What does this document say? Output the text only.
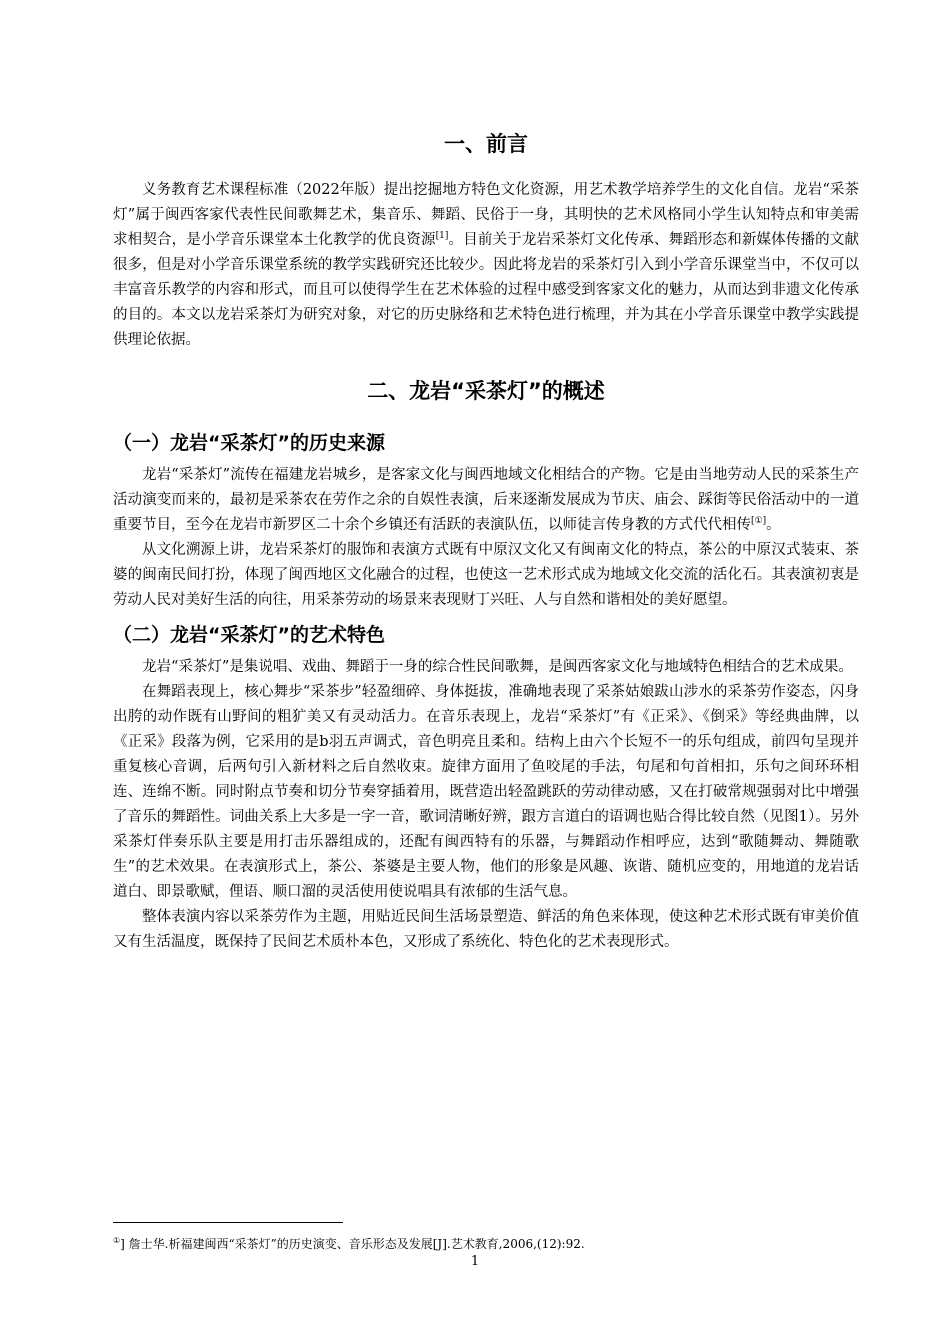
一、前言

义务教育艺术课程标准（2022年版）提出挖掘地方特色文化资源，用艺术教学培养学生的文化自信。龙岩“采茶灯”属于闽西客家代表性民间歌舞艺术，集音乐、舞蹈、民俗于一身，其明快的艺术风格同小学生认知特点和审美需求相契合，是小学音乐课堂本土化教学的优良资源[1]。目前关于龙岩采茶灯文化传承、舞蹈形态和新媒体传播的文献很多，但是对小学音乐课堂系统的教学实践研究还比较少。因此将龙岩的采茶灯引入到小学音乐课堂当中，不仅可以丰富音乐教学的内容和形式，而且可以使得学生在艺术体验的过程中感受到客家文化的魅力，从而达到非遗文化传承的目的。本文以龙岩采茶灯为研究对象，对它的历史脉络和艺术特色进行梳理，并为其在小学音乐课堂中教学实践提供理论依据。

二、龙岩“采茶灯”的概述
（一）龙岩“采茶灯”的历史来源

龙岩“采茶灯”流传在福建龙岩城乡，是客家文化与闽西地域文化相结合的产物。它是由当地劳动人民的采茶生产活动演变而来的，最初是采茶农在劳作之余的自娱性表演，后来逐渐发展成为节庆、庙会、踩街等民俗活动中的一道重要节目，至今在龙岩市新罗区二十余个乡镇还有活跃的表演队伍，以师徒言传身教的方式代代相传[①]。

从文化溯源上讲，龙岩采茶灯的服饰和表演方式既有中原汉文化又有闽南文化的特点，茶公的中原汉式装束、茶婆的闽南民间打扮，体现了闽西地区文化融合的过程，也使这一艺术形式成为地域文化交流的活化石。其表演初衷是劳动人民对美好生活的向往，用采茶劳动的场景来表现财丁兴旺、人与自然和谐相处的美好愿望。

（二）龙岩“采茶灯”的艺术特色

龙岩“采茶灯”是集说唱、戏曲、舞蹈于一身的综合性民间歌舞，是闽西客家文化与地域特色相结合的艺术成果。

在舞蹈表现上，核心舞步“采茶步”轻盈细碎、身体挺拔，准确地表现了采茶姑娘跋山涉水的采茶劳作姿态，闪身出胯的动作既有山野间的粗犷美又有灵动活力。在音乐表现上，龙岩“采茶灯”有《正采》、《倒采》等经典曲牌，以《正采》段落为例，它采用的是b羽五声调式，音色明亮且柔和。结构上由六个长短不一的乐句组成，前四句呈现并重复核心音调，后两句引入新材料之后自然收束。旋律方面用了鱼咬尾的手法，句尾和句首相扣，乐句之间环环相连、连绵不断。同时附点节奏和切分节奏穿插着用，既营造出轻盈跳跃的劳动律动感，又在打破常规强弱对比中增强了音乐的舞蹈性。词曲关系上大多是一字一音，歌词清晰好辨，跟方言道白的语调也贴合得比较自然（见图1）。另外采茶灯伴奏乐队主要是用打击乐器组成的，还配有闽西特有的乐器，与舞蹈动作相呼应，达到“歌随舞动、舞随歌生”的艺术效果。在表演形式上，茶公、茶婆是主要人物，他们的形象是风趣、诙谐、随机应变的，用地道的龙岩话道白、即景歌赋，俚语、顺口溜的灵活使用使说唱具有浓郁的生活气息。

整体表演内容以采茶劳作为主题，用贴近民间生活场景塑造、鲜活的角色来体现，使这种艺术形式既有审美价值又有生活温度，既保持了民间艺术质朴本色，又形成了系统化、特色化的艺术表现形式。

①] 詹士华.析福建闽西“采茶灯”的历史演变、音乐形态及发展[J].艺术教育,2006,(12):92.
1
